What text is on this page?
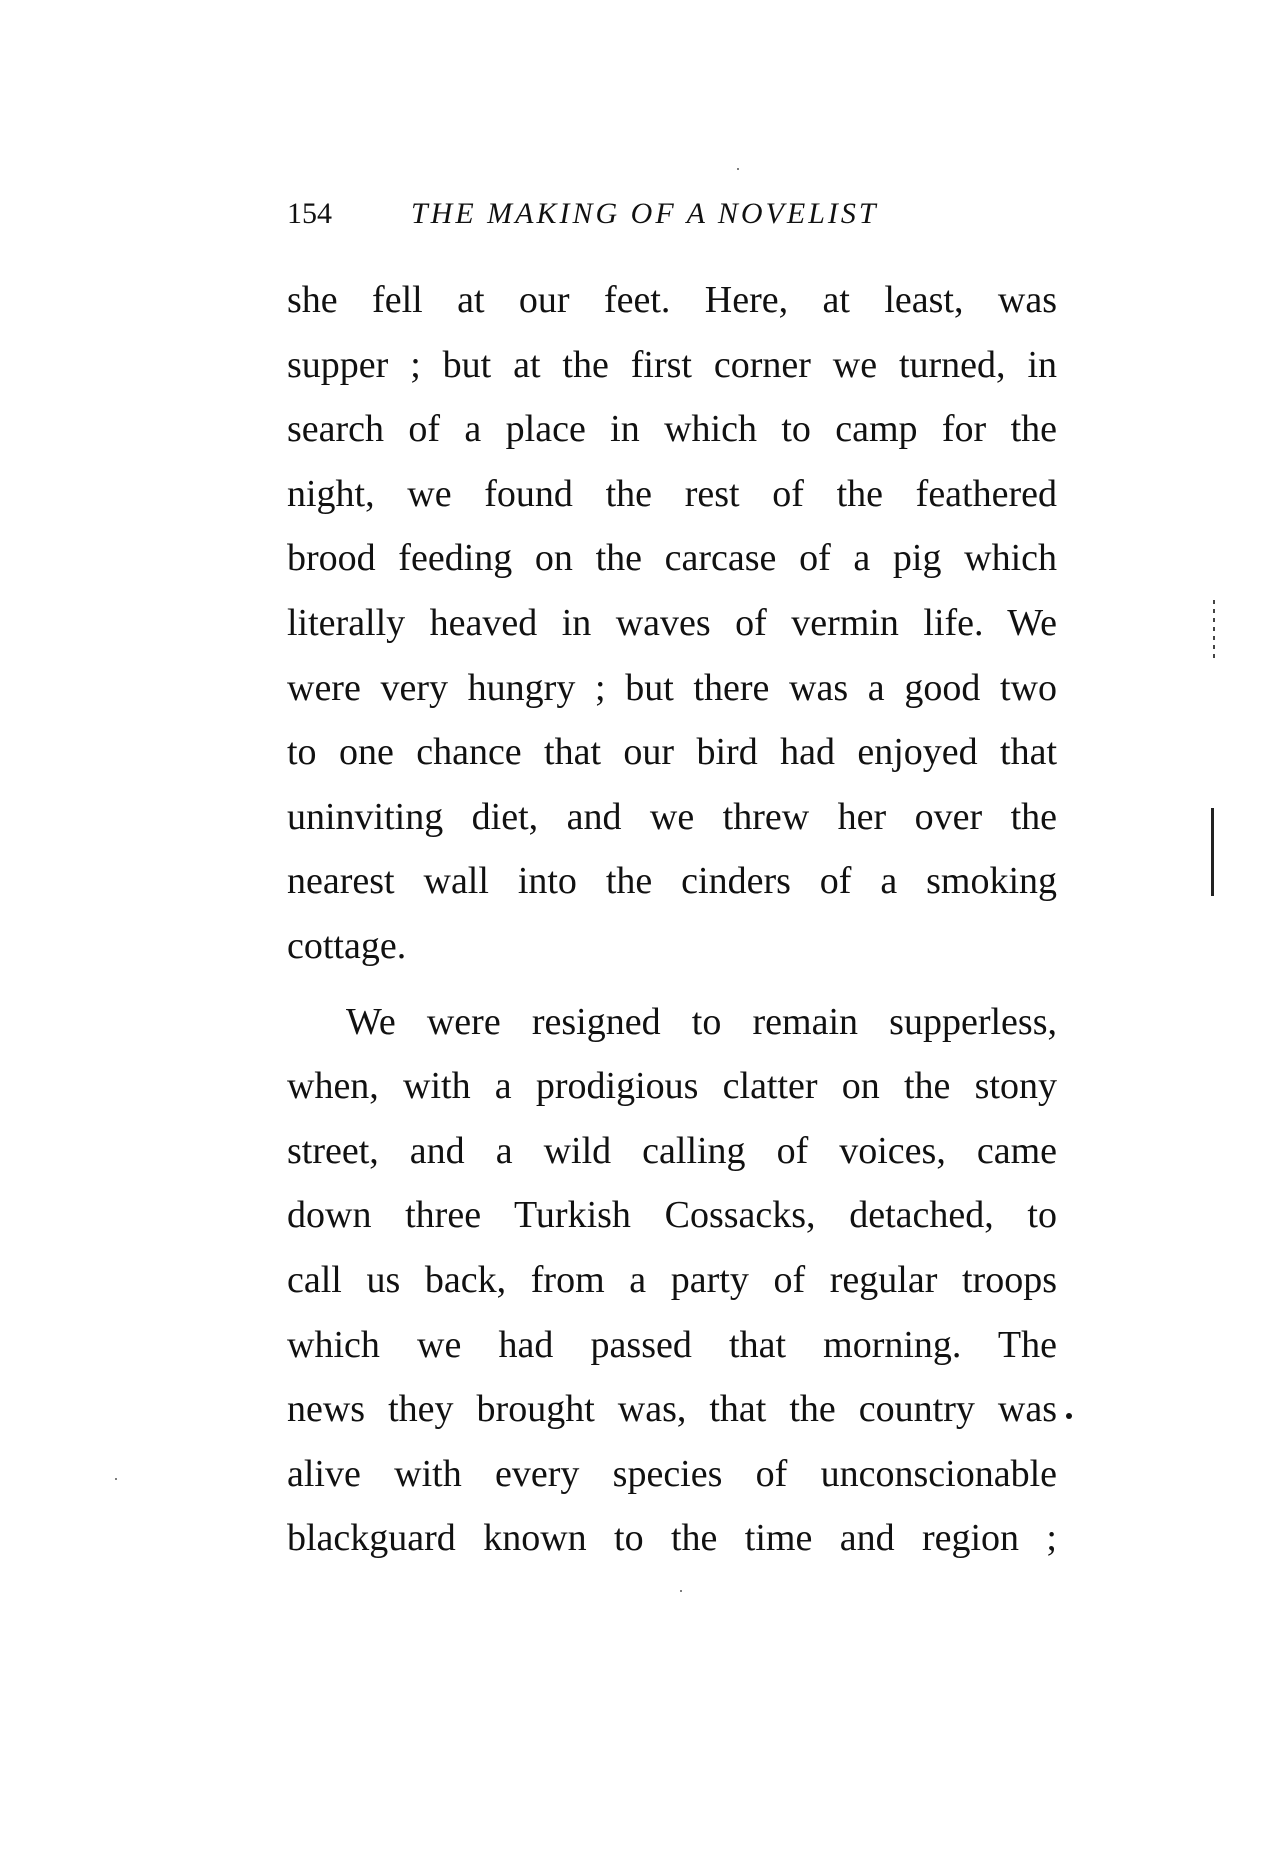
154	THE MAKING OF A NOVELIST
she fell at our feet. Here, at least, was
supper ; but at the first corner we turned, in
search of a place in which to camp for the
night, we found the rest of the feathered
brood feeding on the carcase of a pig which
literally heaved in waves of vermin life. We
were very hungry ; but there was a good two
to one chance that our bird had enjoyed that
uninviting diet, and we threw her over the
nearest wall into the cinders of a smoking
cottage.
We were resigned to remain supperless,
when, with a prodigious clatter on the stony
street, and a wild calling of voices, came
down three Turkish Cossacks, detached, to
call us back, from a party of regular troops
which we had passed that morning. The
news they brought was, that the country was
alive with every species of unconscionable
blackguard known to the time and region ;
